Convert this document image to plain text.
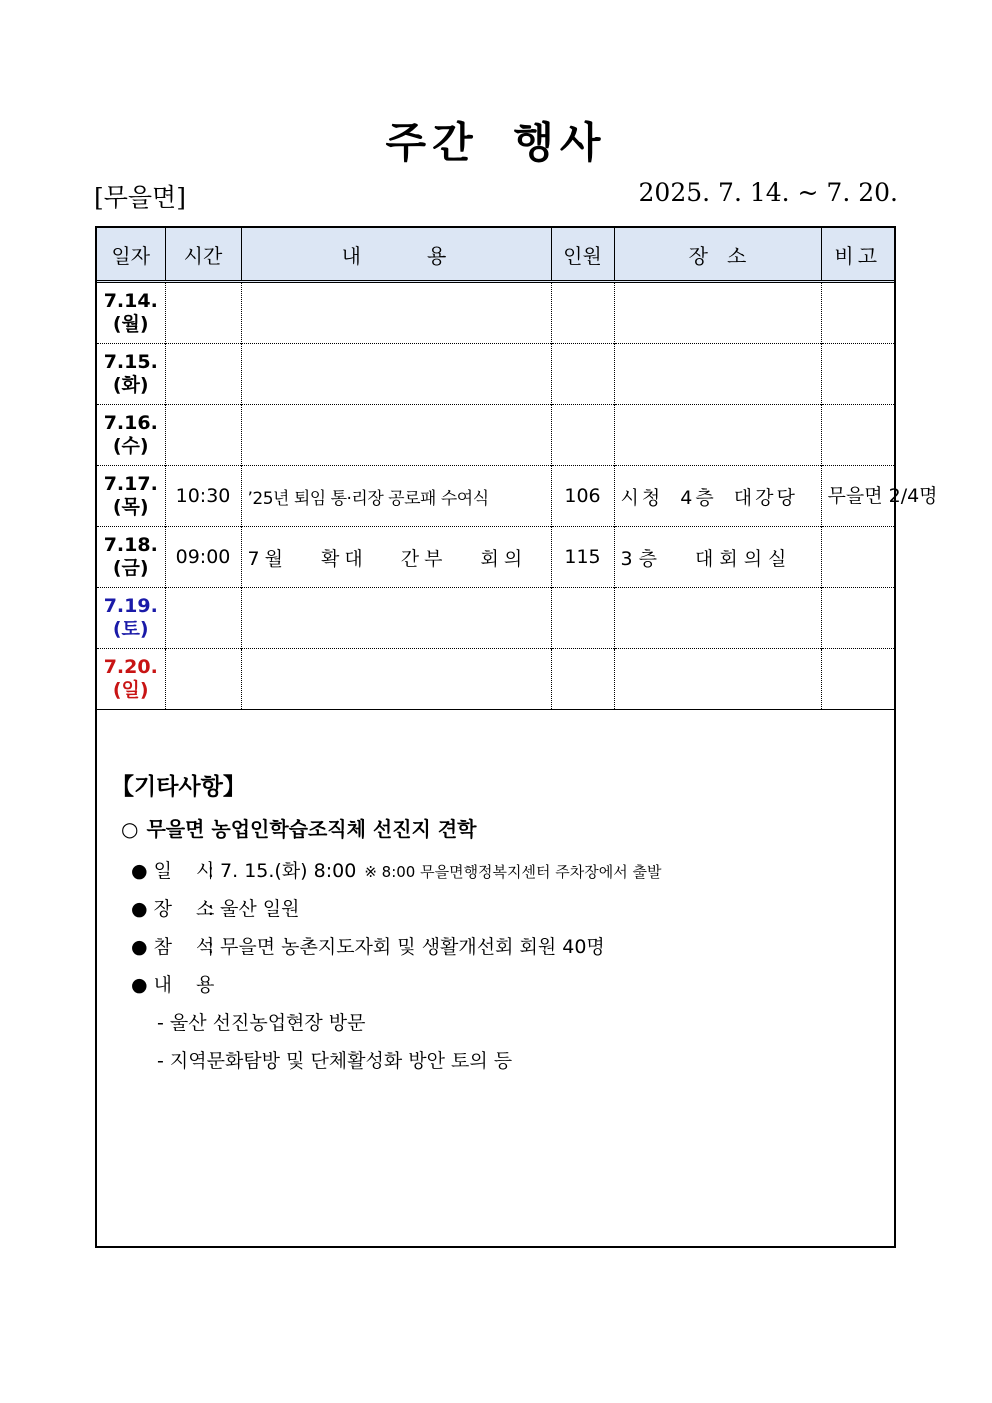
주간 행사
[무을면]	2025. 7. 14. ~ 7. 20.
일자	시간	내      용	인원	장   소	비고

7.14.
(월)					

7.15.
(화)					

7.16.
(수)					

7.17.
(목)	10:30	’25년 퇴임 통·리장 공로패 수여식	106	시청 4층 대강당	무을면 2/4명

7.18.
(금)	09:00	7월 확대 간부 회의	115	3층 대회의실	

7.19.
(토)					

7.20.
(일)					

【기타사항】
○ 무을면 농업인학습조직체 선진지 견학
● 일  시: 7. 15.(화) 8:00 ※ 8:00 무을면행정복지센터 주차장에서 출발
● 장  소: 울산 일원
● 참  석: 무을면 농촌지도자회 및 생활개선회 회원 40명
● 내  용
- 울산 선진농업현장 방문
- 지역문화탐방 및 단체활성화 방안 토의 등
